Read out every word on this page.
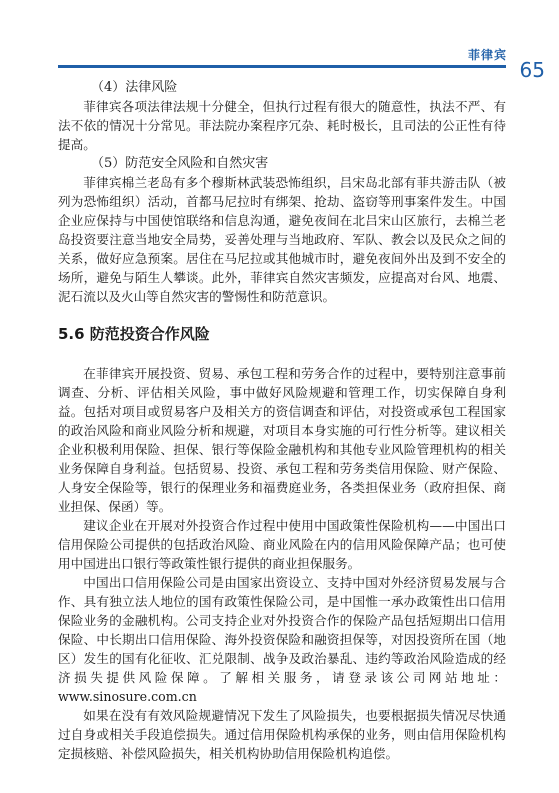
菲律宾
65

（4）法律风险

菲律宾各项法律法规十分健全，但执行过程有很大的随意性，执法不严、有法不依的情况十分常见。菲法院办案程序冗杂、耗时极长，且司法的公正性有待提高。

（5）防范安全风险和自然灾害

菲律宾棉兰老岛有多个穆斯林武装恐怖组织，吕宋岛北部有菲共游击队（被列为恐怖组织）活动，首都马尼拉时有绑架、抢劫、盗窃等刑事案件发生。中国企业应保持与中国使馆联络和信息沟通，避免夜间在北吕宋山区旅行，去棉兰老岛投资要注意当地安全局势，妥善处理与当地政府、军队、教会以及民众之间的关系，做好应急预案。居住在马尼拉或其他城市时，避免夜间外出及到不安全的场所，避免与陌生人攀谈。此外，菲律宾自然灾害频发，应提高对台风、地震、泥石流以及火山等自然灾害的警惕性和防范意识。

5.6 防范投资合作风险

在菲律宾开展投资、贸易、承包工程和劳务合作的过程中，要特别注意事前调查、分析、评估相关风险，事中做好风险规避和管理工作，切实保障自身利益。包括对项目或贸易客户及相关方的资信调查和评估，对投资或承包工程国家的政治风险和商业风险分析和规避，对项目本身实施的可行性分析等。建议相关企业积极利用保险、担保、银行等保险金融机构和其他专业风险管理机构的相关业务保障自身利益。包括贸易、投资、承包工程和劳务类信用保险、财产保险、人身安全保险等，银行的保理业务和福费庭业务，各类担保业务（政府担保、商业担保、保函）等。

建议企业在开展对外投资合作过程中使用中国政策性保险机构——中国出口信用保险公司提供的包括政治风险、商业风险在内的信用风险保障产品；也可使用中国进出口银行等政策性银行提供的商业担保服务。

中国出口信用保险公司是由国家出资设立、支持中国对外经济贸易发展与合作、具有独立法人地位的国有政策性保险公司，是中国惟一承办政策性出口信用保险业务的金融机构。公司支持企业对外投资合作的保险产品包括短期出口信用保险、中长期出口信用保险、海外投资保险和融资担保等，对因投资所在国（地区）发生的国有化征收、汇兑限制、战争及政治暴乱、违约等政治风险造成的经济损失提供风险保障。了解相关服务，请登录该公司网站地址：www.sinosure.com.cn

如果在没有有效风险规避情况下发生了风险损失，也要根据损失情况尽快通过自身或相关手段追偿损失。通过信用保险机构承保的业务，则由信用保险机构定损核赔、补偿风险损失，相关机构协助信用保险机构追偿。
